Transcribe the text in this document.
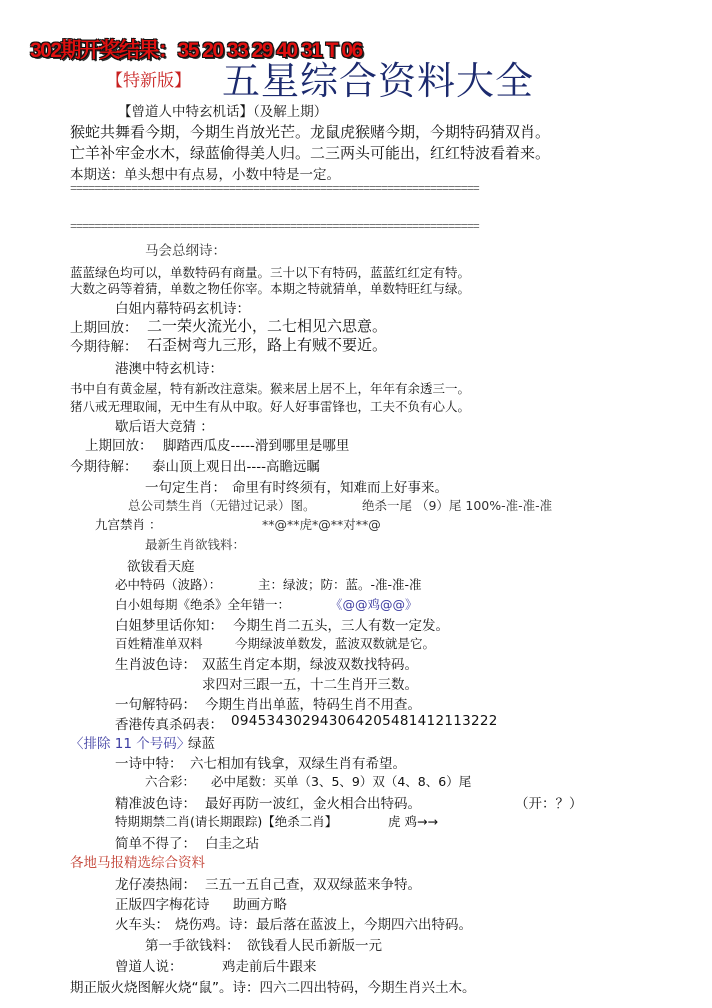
302期开奖结果：35 20 33 29 40 31 T 06
【特新版】 五星综合资料大全
【曾道人中特玄机话】（及解上期）
猴蛇共舞看今期，今期生肖放光芒。龙鼠虎猴赌今期，今期特码猜双肖。
亡羊补牢金水木，绿蓝偷得美人归。二三两头可能出，红红特波看着来。
本期送：单头想中有点易，小数中特是一定。
===================================================================
===================================================================
马会总纲诗：
蓝蓝绿色均可以，单数特码有商量。三十以下有特码，蓝蓝红红定有特。
大数之码等着猜，单数之物任你宰。本期之特就猜单，单数特旺红与绿。
白姐内幕特码玄机诗：
上期回放： 二一荣火流光小，二七相见六思意。
今期待解： 石歪树弯九三形，路上有贼不要近。
港澳中特玄机诗：
书中自有黄金屋，特有新改注意柒。猴来居上居不上，年年有余透三一。
猪八戒无理取闹，无中生有从中取。好人好事雷锋也，工夫不负有心人。
歇后语大竞猜 ：
上期回放： 脚踏西瓜皮-----滑到哪里是哪里
今期待解： 泰山顶上观日出----高瞻远瞩
一句定生肖： 命里有时终须有，知难而上好事来。
总公司禁生肖（无错过记录）图。	绝杀一尾 （9）尾 100%-准-准-准
九宫禁肖 ：	**@**虎*@**对**@
最新生肖欲钱料：
欲钹看天庭
必中特码（波路）：	主：绿波；防：蓝。-准-准-准
白小姐每期《绝杀》全年错一：	《@@鸡@@》
白姐梦里话你知： 今期生肖二五头，三人有数一定发。
百姓精准单双料	今期绿波单数发，蓝波双数就是它。
生肖波色诗： 双蓝生肖定本期，绿波双数找特码。
求四对三跟一五，十二生肖开三数。
一句解特码： 今期生肖出单蓝，特码生肖不用查。
香港传真杀码表： 0945343029430642054814121​13222
〈排除 11 个号码〉
绿蓝
一诗中特： 六七相加有钱拿，双绿生肖有希望。
六合彩： 必中尾数：买单（3、5、9）双（4、8、6）尾
精准波色诗： 最好再防一波红，金火相合出特码。	（开：？）
特期期禁二肖(请长期跟踪)【绝杀二肖】	虎 鸡→→
简单不得了： 白圭之玷
各地马报精选综合资料
龙仔凑热闹： 三五一五自己查，双双绿蓝来争特。
正版四字梅花诗 助画方略
火车头： 烧伤鸡。诗：最后落在蓝波上，今期四六出特码。
第一手欲钱料： 欲钱看人民币新版一元
曾道人说：	鸡走前后牛跟来
期正版火烧图解火烧“鼠”。诗：四六二四出特码，今期生肖兴土木。
